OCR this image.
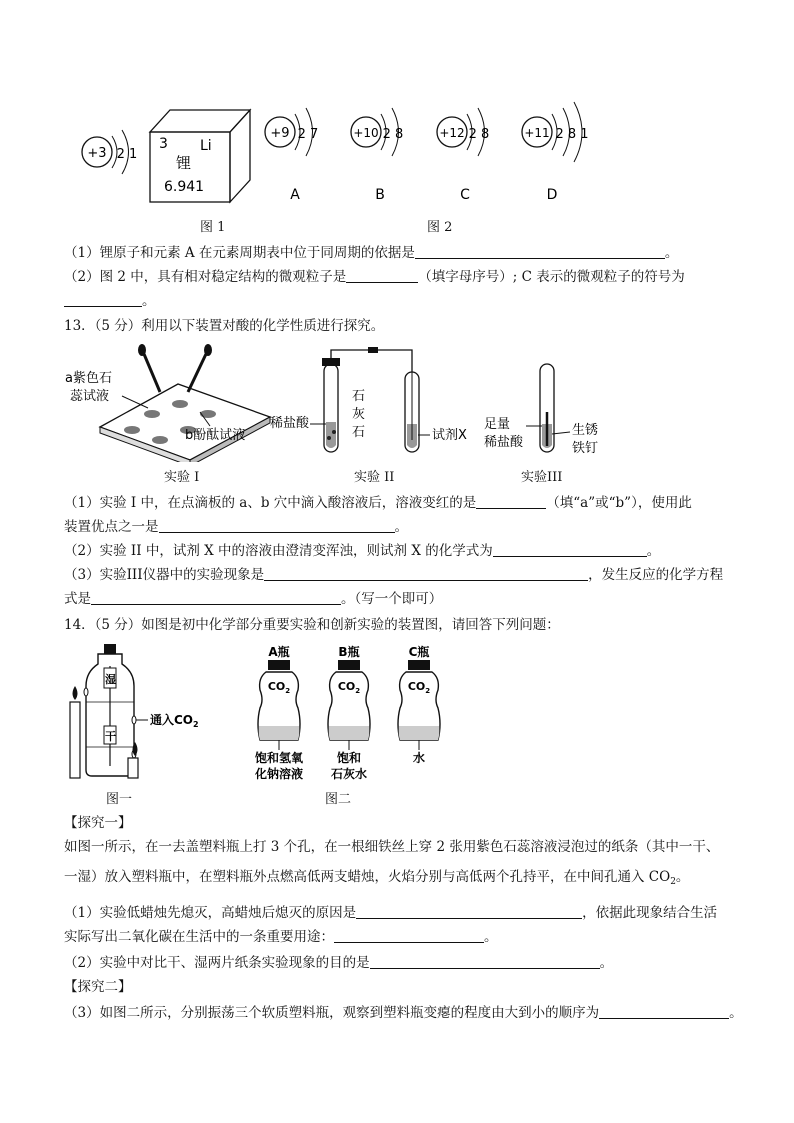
+3 2 1
3 Li
锂
6.941
+9 2 7
A
+10 2 8
B
+12 2 8
C
+11 2 8 1
D
图 1	图 2
（1）锂原子和元素 A 在元素周期表中位于同周期的依据是	。
（2）图 2 中，具有相对稳定结构的微观粒子是	（填字母序号）; C 表示的微观粒子的符号为
。
13．（5 分）利用以下装置对酸的化学性质进行探究。
a紫色石
蕊试液
b酚酞试液
稀盐酸
石
灰
石	试剂X
足量
稀盐酸
生锈
铁钉
实验 I	实验 II	实验III
（1）实验 I 中，在点滴板的 a、b 穴中滴入酸溶液后，溶液变红的是	（填“a”或“b”），使用此
装置优点之一是	。
（2）实验 II 中，试剂 X 中的溶液由澄清变浑浊，则试剂 X 的化学式为	。
（3）实验III仪器中的实验现象是	，发生反应的化学方程
式是	。（写一个即可）
14．（5 分）如图是初中化学部分重要实验和创新实验的装置图，请回答下列问题：
湿
干
通入$CO_2$
图一
A瓶
$CO_2$
饱和氢氧
化钠溶液
B瓶
$CO_2$
饱和
石灰水
C瓶
$CO_2$
水
图二
【探究一】
如图一所示，在一去盖塑料瓶上打 3 个孔，在一根细铁丝上穿 2 张用紫色石蕊溶液浸泡过的纸条（其中一干、
一湿）放入塑料瓶中，在塑料瓶外点燃高低两支蜡烛，火焰分别与高低两个孔持平，在中间孔通入 $CO_2$。
（1）实验低蜡烛先熄灭，高蜡烛后熄灭的原因是	，依据此现象结合生活
实际写出二氧化碳在生活中的一条重要用途：	。
（2）实验中对比干、湿两片纸条实验现象的目的是	。
【探究二】
（3）如图二所示，分别振荡三个软质塑料瓶，观察到塑料瓶变瘪的程度由大到小的顺序为	。
